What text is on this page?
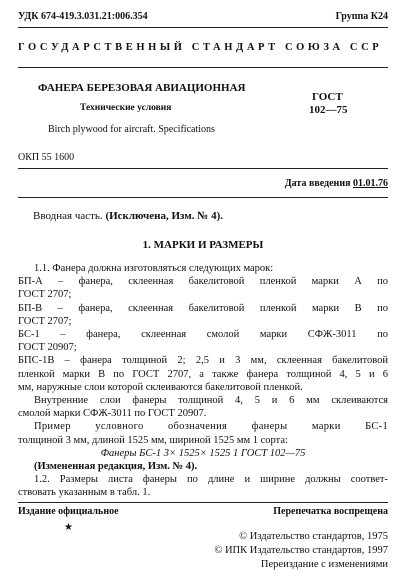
УДК 674-419.3.031.21:006.354	Группа К24
ГОСУДАРСТВЕННЫЙ СТАНДАРТ СОЮЗА ССР
ФАНЕРА БЕРЕЗОВАЯ АВИАЦИОННАЯ
Технические условия
Birch plywood for aircraft. Specifications
ГОСТ
102—75
ОКП 55 1600
Дата введения 01.01.76
Вводная часть. (Исключена, Изм. № 4).
1. МАРКИ И РАЗМЕРЫ
1.1. Фанера должна изготовляться следующих марок:
БП-А – фанера, склеенная бакелитовой пленкой марки А по
ГОСТ 2707;
БП-В – фанера, склеенная бакелитовой пленкой марки В по
ГОСТ 2707;
БС-1 – фанера, склеенная смолой марки СФЖ-3011 по
ГОСТ 20907;
БПС-1В – фанера толщиной 2; 2,5 и 3 мм, склеенная бакелитовой
пленкой марки В по ГОСТ 2707, а также фанера толщиной 4, 5 и 6
мм, наружные слои которой склеиваются бакелитовой пленкой.
Внутренние слои фанеры толщиной 4, 5 и 6 мм склеиваются
смолой марки СФЖ-3011 по ГОСТ 20907.
Пример условного обозначения фанеры марки БС-1
толщиной 3 мм, длиной 1525 мм, шириной 1525 мм 1 сорта:
Фанеры БС-1 3× 1525× 1525 1 ГОСТ 102—75
(Измененная редакция, Изм. № 4).
1.2. Размеры листа фанеры по длине и ширине должны соответ-
ствовать указанным в табл. 1.
Издание официальное	Перепечатка воспрещена
★
© Издательство стандартов, 1975
© ИПК Издательство стандартов, 1997
Переиздание с изменениями
